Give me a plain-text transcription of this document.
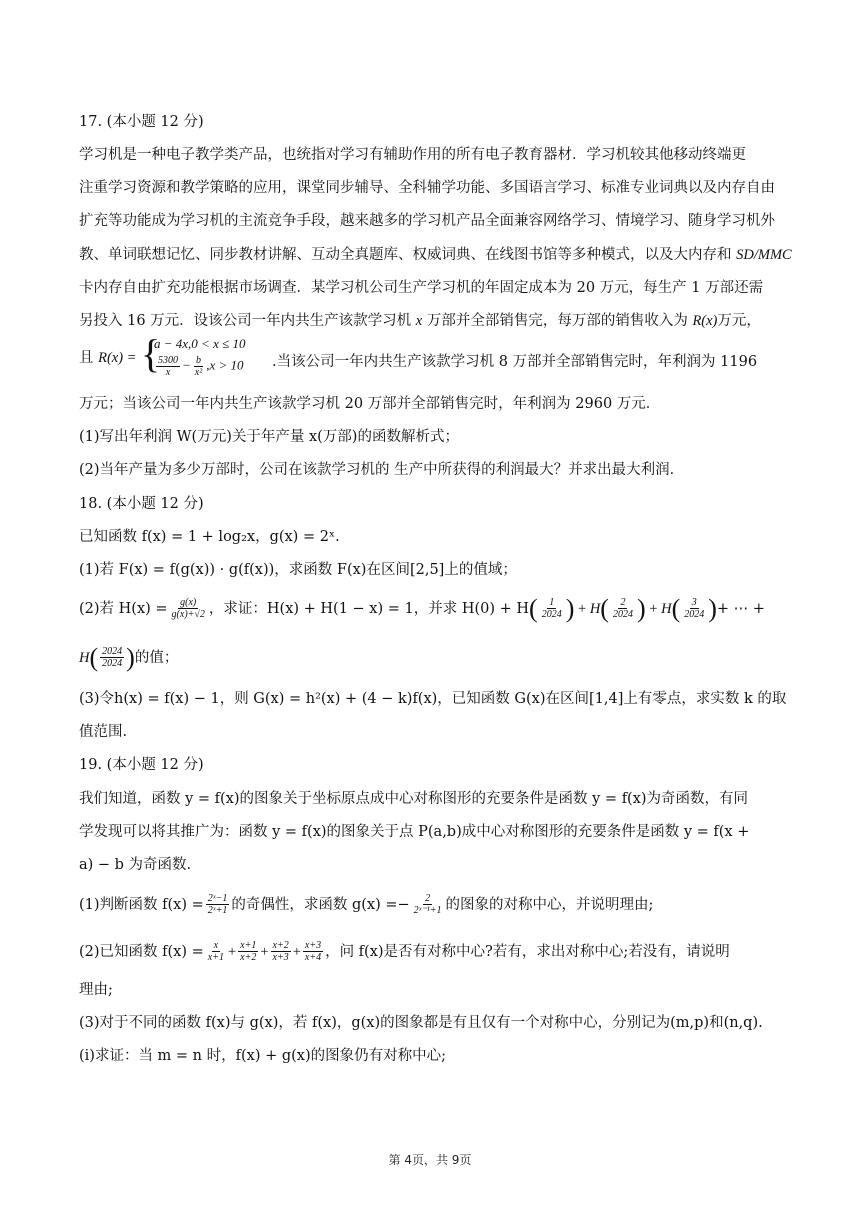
17. (本小题 12 分)
学习机是一种电子教学类产品，也统指对学习有辅助作用的所有电子教育器材．学习机较其他移动终端更
注重学习资源和教学策略的应用，课堂同步辅导、全科辅学功能、多国语言学习、标准专业词典以及内存自由
扩充等功能成为学习机的主流竞争手段，越来越多的学习机产品全面兼容网络学习、情境学习、随身学习机外
教、单词联想记忆、同步教材讲解、互动全真题库、权威词典、在线图书馆等多种模式，以及大内存和 SD/MMC
卡内存自由扩充功能根据市场调查．某学习机公司生产学习机的年固定成本为 20 万元，每生产 1 万部还需
另投入 16 万元．设该公司一年内共生产该款学习机 x 万部并全部销售完，每万部的销售收入为 R(x)万元，
且 R(x) = {
a − 4x,0 < x ≤ 10
$\frac{5300}{x} - \frac{b}{\text{x²}} ,x > 10$ .当该公司一年内共生产该款学习机 8 万部并全部销售完时，年利润为 1196
万元；当该公司一年内共生产该款学习机 20 万部并全部销售完时，年利润为 2960 万元．
(1)写出年利润 W(万元)关于年产量 x(万部)的函数解析式；
(2)当年产量为多少万部时，公司在该款学习机的 生产中所获得的利润最大？并求出最大利润．
18. (本小题 12 分)
已知函数 f(x) = 1 + log₂x，g(x) = 2ˣ.
(1)若 F(x) = f(g(x)) · g(f(x))，求函数 F(x)在区间[2,5]上的值域；
(2)若 $H(x) = \frac{g(x)}{g(x)+√2}$ ，求证：H(x) + H(1 − x) = 1，并求 H(0) + H ( $\frac{1}{2024}$ ) + H ( $\frac{2}{2024}$ ) + H ( $\frac{3}{2024}$ ) + ⋯ +
H ( $\frac{2024}{2024}$ ) 的值；
(3)令h(x) = f(x) − 1，则 G(x) = h²(x) + (4 − k)f(x)，已知函数 G(x)在区间[1,4]上有零点，求实数 k 的取
值范围.
19. (本小题 12 分)
我们知道，函数 y = f(x)的图象关于坐标原点成中心对称图形的充要条件是函数 y = f(x)为奇函数，有同
学发现可以将其推广为：函数 y = f(x)的图象关于点 P(a,b)成中心对称图形的充要条件是函数 y = f(x +
a) − b 为奇函数.
(1)判断函数 $f(x) = \frac{\text{2ˣ−1}}{\text{2ˣ+1}}$ 的奇偶性，求函数 $g(x) =- \frac{2}{\text{2ˣ⁻¹+1}}$ 的图象的对称中心，并说明理由;
(2)已知函数 $f(x) = \frac{x}{x+1} + \frac{x+1}{x+2} + \frac{x+2}{x+3} + \frac{x+3}{x+4}$ ，问 f(x)是否有对称中心?若有，求出对称中心;若没有，请说明
理由;
(3)对于不同的函数 f(x)与 g(x)，若 f(x)，g(x)的图象都是有且仅有一个对称中心，分别记为(m,p)和(n,q).
(ⅰ)求证：当 m = n 时，f(x) + g(x)的图象仍有对称中心;
第 4页，共 9页
